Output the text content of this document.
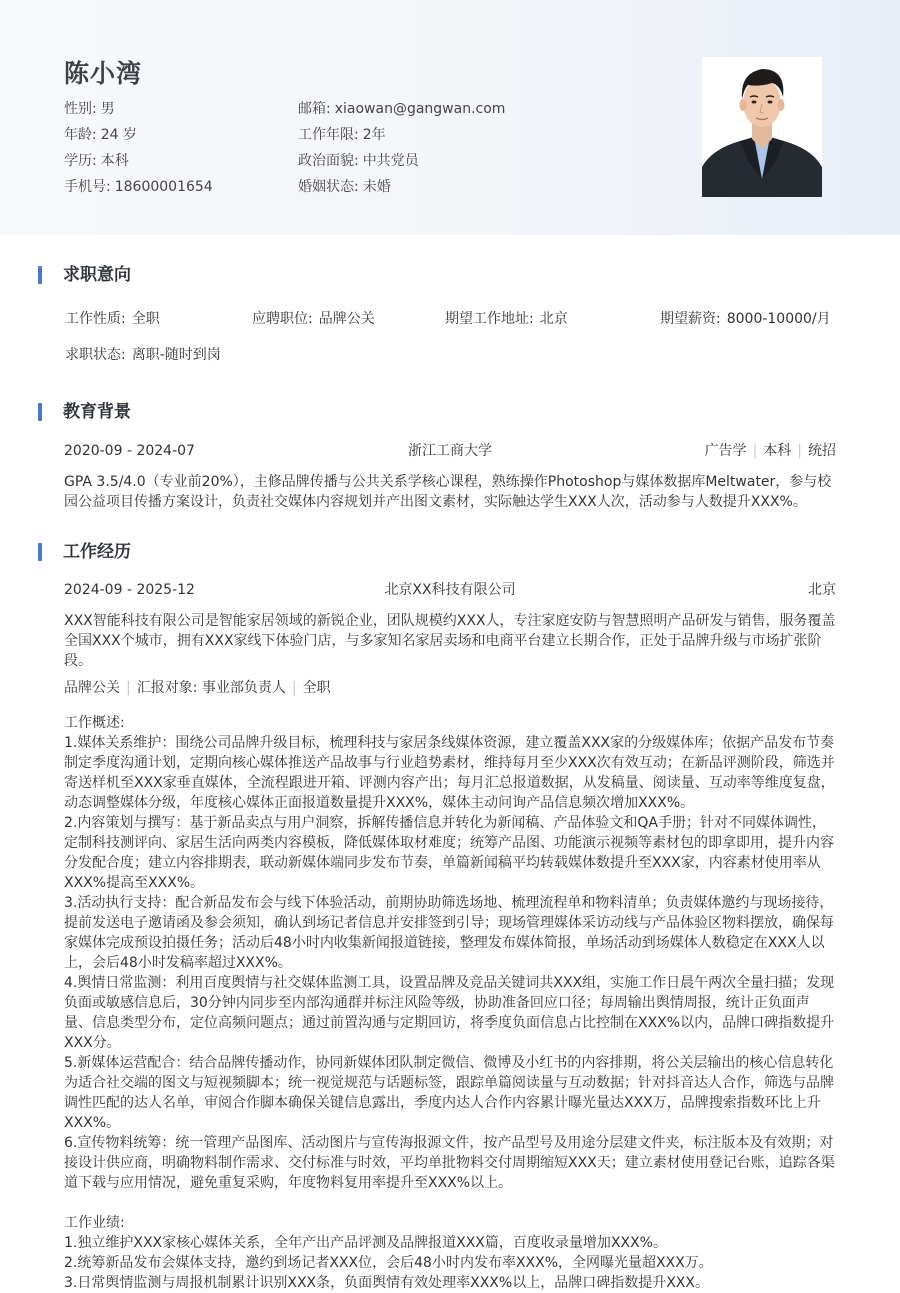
陈小湾
性别: 男	邮箱: xiaowan@gangwan.com
年龄: 24 岁	工作年限: 2年
学历: 本科	政治面貌: 中共党员
手机号: 18600001654	婚姻状态: 未婚
求职意向
工作性质: 全职	应聘职位: 品牌公关	期望工作地址: 北京	期望薪资: 8000-10000/月
求职状态: 离职-随时到岗
教育背景
2020-09 - 2024-07	浙江工商大学	广告学 | 本科 | 统招
GPA 3.5/4.0（专业前20%），主修品牌传播与公共关系学核心课程，熟练操作Photoshop与媒体数据库Meltwater，参与校园公益项目传播方案设计，负责社交媒体内容规划并产出图文素材，实际触达学生XXX人次，活动参与人数提升XXX%。
工作经历
2024-09 - 2025-12	北京XX科技有限公司	北京
XXX智能科技有限公司是智能家居领域的新锐企业，团队规模约XXX人，专注家庭安防与智慧照明产品研发与销售，服务覆盖全国XXX个城市，拥有XXX家线下体验门店，与多家知名家居卖场和电商平台建立长期合作，正处于品牌升级与市场扩张阶段。
品牌公关 | 汇报对象: 事业部负责人 | 全职
工作概述:
1.媒体关系维护：围绕公司品牌升级目标，梳理科技与家居条线媒体资源，建立覆盖XXX家的分级媒体库；依据产品发布节奏制定季度沟通计划，定期向核心媒体推送产品故事与行业趋势素材，维持每月至少XXX次有效互动；在新品评测阶段，筛选并寄送样机至XXX家垂直媒体，全流程跟进开箱、评测内容产出；每月汇总报道数据，从发稿量、阅读量、互动率等维度复盘，动态调整媒体分级，年度核心媒体正面报道数量提升XXX%，媒体主动问询产品信息频次增加XXX%。
2.内容策划与撰写：基于新品卖点与用户洞察，拆解传播信息并转化为新闻稿、产品体验文和QA手册；针对不同媒体调性，定制科技测评向、家居生活向两类内容模板，降低媒体取材难度；统筹产品图、功能演示视频等素材包的即拿即用，提升内容分发配合度；建立内容排期表，联动新媒体端同步发布节奏，单篇新闻稿平均转载媒体数提升至XXX家，内容素材使用率从XXX%提高至XXX%。
3.活动执行支持：配合新品发布会与线下体验活动，前期协助筛选场地、梳理流程单和物料清单；负责媒体邀约与现场接待，提前发送电子邀请函及参会须知，确认到场记者信息并安排签到引导；现场管理媒体采访动线与产品体验区物料摆放，确保每家媒体完成预设拍摄任务；活动后48小时内收集新闻报道链接，整理发布媒体简报，单场活动到场媒体人数稳定在XXX人以上，会后48小时发稿率超过XXX%。
4.舆情日常监测：利用百度舆情与社交媒体监测工具，设置品牌及竞品关键词共XXX组，实施工作日晨午两次全量扫描；发现负面或敏感信息后，30分钟内同步至内部沟通群并标注风险等级，协助准备回应口径；每周输出舆情周报，统计正负面声量、信息类型分布，定位高频问题点；通过前置沟通与定期回访，将季度负面信息占比控制在XXX%以内，品牌口碑指数提升XXX分。
5.新媒体运营配合：结合品牌传播动作，协同新媒体团队制定微信、微博及小红书的内容排期，将公关层输出的核心信息转化为适合社交端的图文与短视频脚本；统一视觉规范与话题标签，跟踪单篇阅读量与互动数据；针对抖音达人合作，筛选与品牌调性匹配的达人名单，审阅合作脚本确保关键信息露出，季度内达人合作内容累计曝光量达XXX万，品牌搜索指数环比上升XXX%。
6.宣传物料统筹：统一管理产品图库、活动图片与宣传海报源文件，按产品型号及用途分层建文件夹，标注版本及有效期；对接设计供应商，明确物料制作需求、交付标准与时效，平均单批物料交付周期缩短XXX天；建立素材使用登记台账，追踪各渠道下载与应用情况，避免重复采购，年度物料复用率提升至XXX%以上。
工作业绩:
1.独立维护XXX家核心媒体关系，全年产出产品评测及品牌报道XXX篇，百度收录量增加XXX%。
2.统筹新品发布会媒体支持，邀约到场记者XXX位，会后48小时内发布率XXX%，全网曝光量超XXX万。
3.日常舆情监测与周报机制累计识别XXX条，负面舆情有效处理率XXX%以上，品牌口碑指数提升XXX。
